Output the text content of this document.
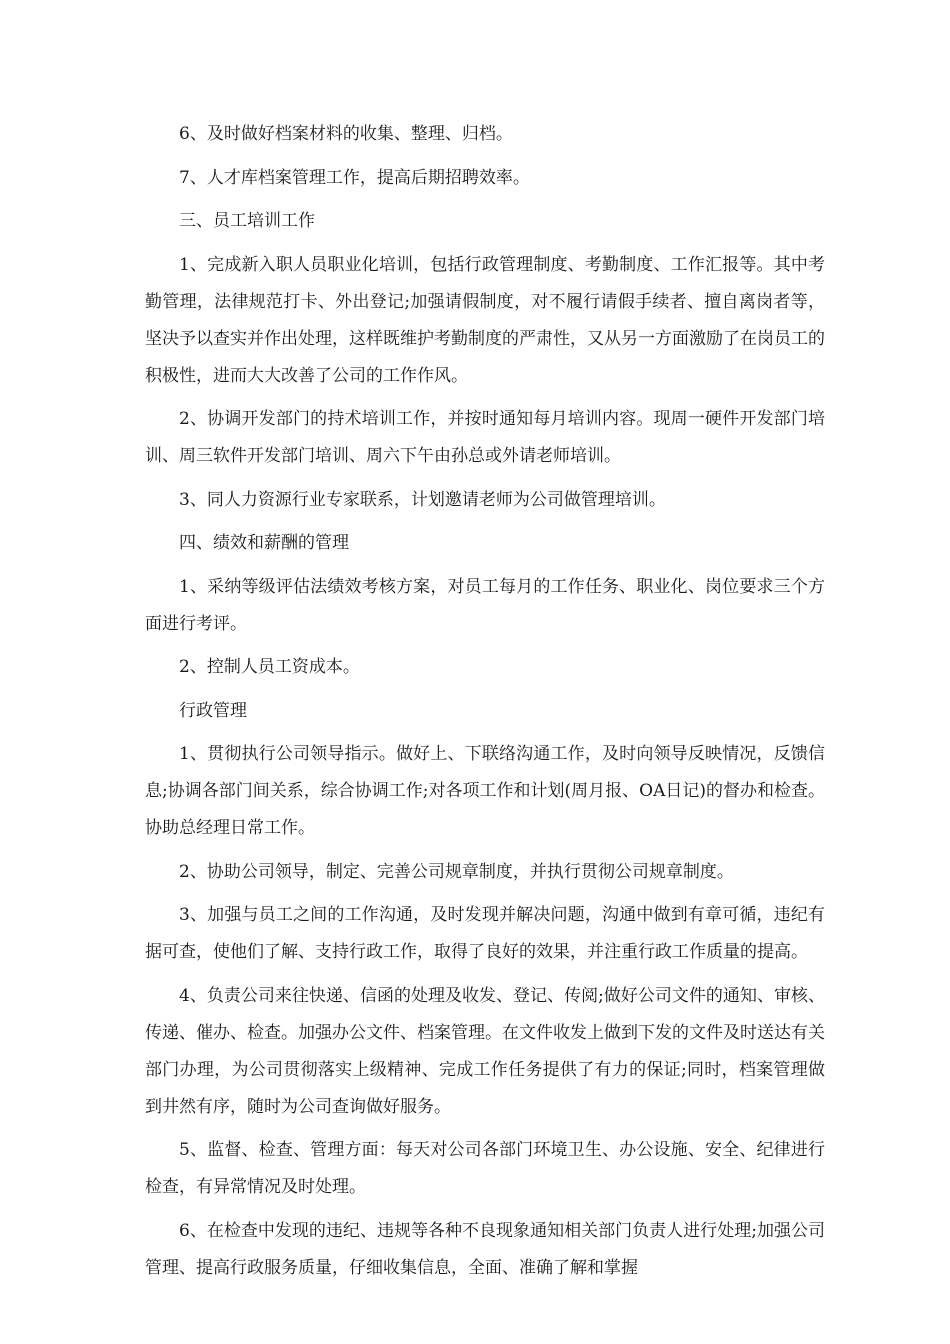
6、及时做好档案材料的收集、整理、归档。

7、人才库档案管理工作，提高后期招聘效率。

三、员工培训工作

1、完成新入职人员职业化培训，包括行政管理制度、考勤制度、工作汇报等。其中考勤管理，法律规范打卡、外出登记;加强请假制度，对不履行请假手续者、擅自离岗者等，坚决予以查实并作出处理，这样既维护考勤制度的严肃性，又从另一方面激励了在岗员工的积极性，进而大大改善了公司的工作作风。

2、协调开发部门的持术培训工作，并按时通知每月培训内容。现周一硬件开发部门培训、周三软件开发部门培训、周六下午由孙总或外请老师培训。

3、同人力资源行业专家联系，计划邀请老师为公司做管理培训。

四、绩效和薪酬的管理

1、采纳等级评估法绩效考核方案，对员工每月的工作任务、职业化、岗位要求三个方面进行考评。

2、控制人员工资成本。

行政管理

1、贯彻执行公司领导指示。做好上、下联络沟通工作，及时向领导反映情况，反馈信息;协调各部门间关系，综合协调工作;对各项工作和计划(周月报、OA日记)的督办和检查。协助总经理日常工作。

2、协助公司领导，制定、完善公司规章制度，并执行贯彻公司规章制度。

3、加强与员工之间的工作沟通，及时发现并解决问题，沟通中做到有章可循，违纪有据可查，使他们了解、支持行政工作，取得了良好的效果，并注重行政工作质量的提高。

4、负责公司来往快递、信函的处理及收发、登记、传阅;做好公司文件的通知、审核、传递、催办、检查。加强办公文件、档案管理。在文件收发上做到下发的文件及时送达有关部门办理，为公司贯彻落实上级精神、完成工作任务提供了有力的保证;同时，档案管理做到井然有序，随时为公司查询做好服务。

5、监督、检查、管理方面：每天对公司各部门环境卫生、办公设施、安全、纪律进行检查，有异常情况及时处理。

6、在检查中发现的违纪、违规等各种不良现象通知相关部门负责人进行处理;加强公司管理、提高行政服务质量，仔细收集信息，全面、准确了解和掌握
